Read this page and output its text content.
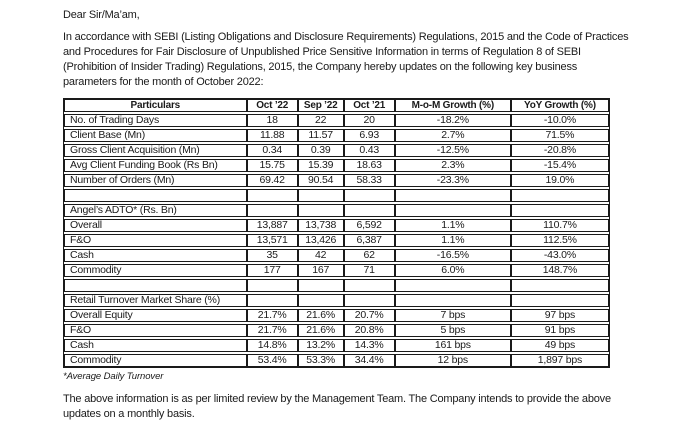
Dear Sir/Ma’am,

In accordance with SEBI (Listing Obligations and Disclosure Requirements) Regulations, 2015 and the Code of Practices and Procedures for Fair Disclosure of Unpublished Price Sensitive Information in terms of Regulation 8 of SEBI (Prohibition of Insider Trading) Regulations, 2015, the Company hereby updates on the following key business parameters for the month of October 2022:

Particulars	Oct ’22	Sep ’22	Oct ’21	M-o-M Growth (%)	YoY Growth (%)
No. of Trading Days	18	22	20	-18.2%	-10.0%
Client Base (Mn)	11.88	11.57	6.93	2.7%	71.5%
Gross Client Acquisition (Mn)	0.34	0.39	0.43	-12.5%	-20.8%
Avg Client Funding Book (Rs Bn)	15.75	15.39	18.63	2.3%	-15.4%
Number of Orders (Mn)	69.42	90.54	58.33	-23.3%	19.0%

Angel’s ADTO* (Rs. Bn)					
Overall	13,887	13,738	6,592	1.1%	110.7%
F&O	13,571	13,426	6,387	1.1%	112.5%
Cash	35	42	62	-16.5%	-43.0%
Commodity	177	167	71	6.0%	148.7%

Retail Turnover Market Share (%)					
Overall Equity	21.7%	21.6%	20.7%	7 bps	97 bps
F&O	21.7%	21.6%	20.8%	5 bps	91 bps
Cash	14.8%	13.2%	14.3%	161 bps	49 bps
Commodity	53.4%	53.3%	34.4%	12 bps	1,897 bps

*Average Daily Turnover

The above information is as per limited review by the Management Team. The Company intends to provide the above updates on a monthly basis.
